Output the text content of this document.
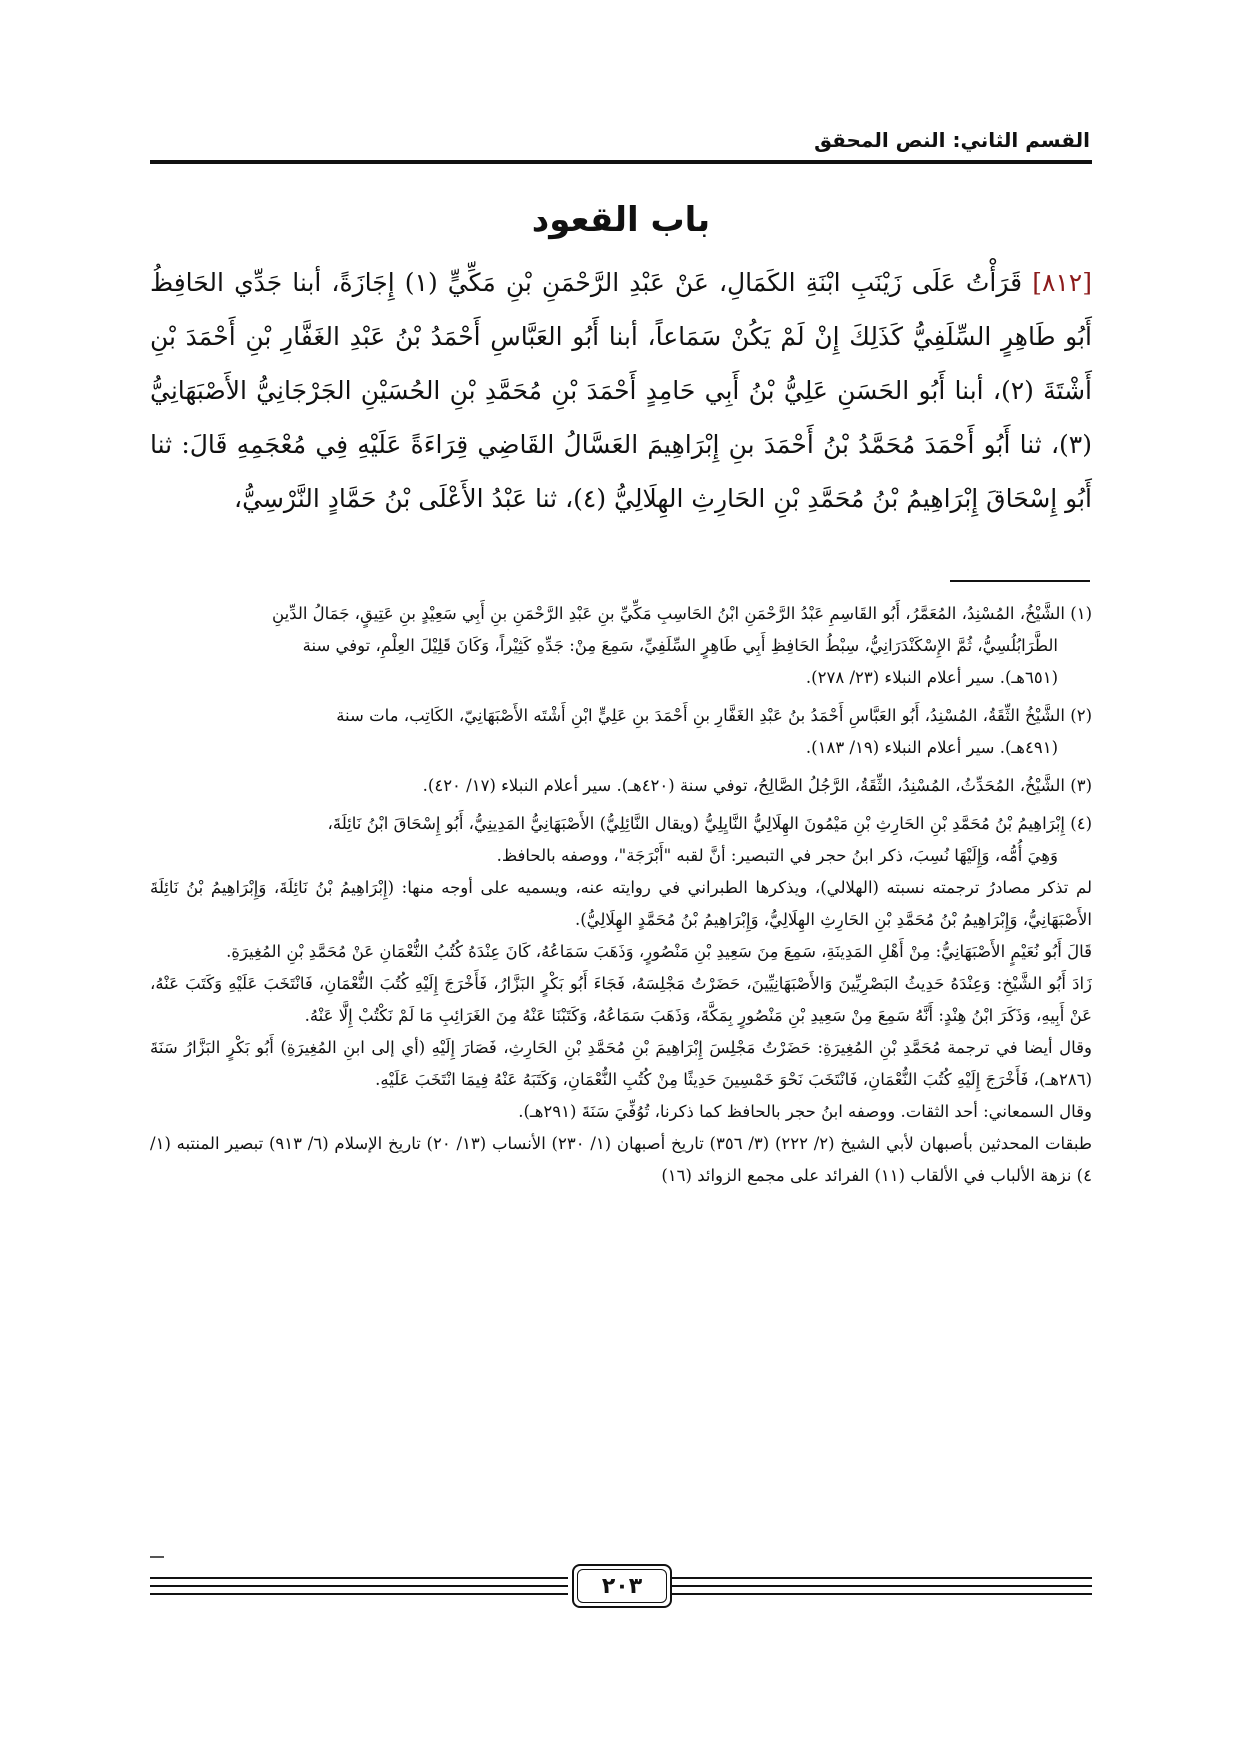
القسم الثاني: النص المحقق
باب القعود
[٨١٢] قَرَأْتُ عَلَى زَيْنَبِ ابْنَةِ الكَمَالِ، عَنْ عَبْدِ الرَّحْمَنِ بْنِ مَكِّيٍّ (١) إِجَازَةً، أبنا جَدِّي الحَافِظُ أَبُو طَاهِرٍ السِّلَفِيُّ كَذَلِكَ إِنْ لَمْ يَكُنْ سَمَاعاً، أبنا أَبُو العَبَّاسِ أَحْمَدُ بْنُ عَبْدِ الغَفَّارِ بْنِ أَحْمَدَ بْنِ أَشْتَةَ (٢)، أبنا أَبُو الحَسَنِ عَلِيُّ بْنُ أَبِي حَامِدٍ أَحْمَدَ بْنِ مُحَمَّدِ بْنِ الحُسَيْنِ الجَرْجَانِيُّ الأَصْبَهَانِيُّ (٣)، ثنا أَبُو أَحْمَدَ مُحَمَّدُ بْنُ أَحْمَدَ بنِ إِبْرَاهِيمَ العَسَّالُ القَاضِي قِرَاءَةً عَلَيْهِ فِي مُعْجَمِهِ قَالَ: ثنا أَبُو إِسْحَاقَ إِبْرَاهِيمُ بْنُ مُحَمَّدِ بْنِ الحَارِثِ الهِلَالِيُّ (٤)، ثنا عَبْدُ الأَعْلَى بْنُ حَمَّادٍ النَّرْسِيُّ،

(١) الشَّيْخُ، المُسْنِدُ، المُعَمَّرُ، أَبُو القَاسِمِ عَبْدُ الرَّحْمَنِ ابْنُ الحَاسِبِ مَكِّيِّ بنِ عَبْدِ الرَّحْمَنِ بنِ أَبِي سَعِيْدٍ بنِ عَتِيقٍ، جَمَالُ الدِّينِ

الطَّرَابُلُسِيُّ، ثُمَّ الإِسْكَنْدَرَانِيُّ، سِبْطُ الحَافِظِ أَبِي طَاهِرٍ السِّلَفِيِّ، سَمِعَ مِنْ: جَدِّهِ كَثِيْراً، وَكَانَ قَلِيْلَ العِلْمِ، توفي سنة

(٦٥١هـ). سير أعلام النبلاء (٢٣/ ٢٧٨).

(٢) الشَّيْخُ الثِّقَةُ، المُسْنِدُ، أَبُو العَبَّاسِ أَحْمَدُ بنُ عَبْدِ الغَفَّارِ بنِ أَحْمَدَ بنِ عَلِيٍّ ابْنِ أَشْتَه الأَصْبَهَانِيّ، الكَاتِب، مات سنة

(٤٩١هـ). سير أعلام النبلاء (١٩/ ١٨٣).

(٣) الشَّيْخُ، المُحَدِّثُ، المُسْنِدُ، الثِّقَةُ، الرَّجُلُ الصَّالِحُ، توفي سنة (٤٢٠هـ). سير أعلام النبلاء (١٧/ ٤٢٠).

(٤) إِبْرَاهِيمُ بْنُ مُحَمَّدِ بْنِ الحَارِثِ بْنِ مَيْمُونَ الهِلَالِيُّ النَّايِلِيُّ (ويقال النَّائِلِيُّ) الأَصْبَهَانِيُّ المَدِينِيُّ، أَبُو إِسْحَاقَ ابْنُ نَائِلَةَ،

وَهِيَ أُمُّه، وَإِلَيْهَا نُسِبَ، ذكر ابنُ حجر في التبصير: أنَّ لقبه "أَبْرَجَة"، ووصفه بالحافظ.

لم تذكر مصادرُ ترجمته نسبته (الهلالي)، ويذكرها الطبراني في روايته عنه، ويسميه على أوجه منها: (إِبْرَاهِيمُ بْنُ نَائِلَةَ، وَإِبْرَاهِيمُ بْنُ نَائِلَةَ الأَصْبَهَانِيُّ، وَإِبْرَاهِيمُ بْنُ مُحَمَّدِ بْنِ الحَارِثِ الهِلَالِيُّ، وَإِبْرَاهِيمُ بْنُ مُحَمَّدٍ الهِلَالِيُّ).

قَالَ أَبُو نُعَيْمٍ الأَصْبَهَانِيُّ: مِنْ أَهْلِ المَدِينَةِ، سَمِعَ مِنَ سَعِيدِ بْنِ مَنْصُورٍ، وَذَهَبَ سَمَاعُهُ، كَانَ عِنْدَهُ كُتُبُ النُّعْمَانِ عَنْ مُحَمَّدِ بْنِ المُغِيرَةِ.

زَادَ أَبُو الشَّيْخِ: وَعِنْدَهُ حَدِيثُ البَصْرِيِّينَ وَالأَصْبَهَانِيِّينَ، حَضَرْتُ مَجْلِسَهُ، فَجَاءَ أَبُو بَكْرٍ البَزَّارُ، فَأَخْرَجَ إِلَيْهِ كُتُبَ النُّعْمَانِ، فَانْتَخَبَ عَلَيْهِ وَكَتَبَ عَنْهُ، عَنْ أَبِيهِ، وَذَكَرَ ابْنُ هِنْدٍ: أَنَّهُ سَمِعَ مِنْ سَعِيدِ بْنِ مَنْصُورٍ بِمَكَّةَ، وَذَهَبَ سَمَاعُهُ، وَكَتَبْنَا عَنْهُ مِنَ الغَرَائِبِ مَا لَمْ نَكْتُبْ إِلَّا عَنْهُ.

وقال أيضا في ترجمة مُحَمَّدِ بْنِ المُغِيرَةِ: حَضَرْتُ مَجْلِسَ إِبْرَاهِيمَ بْنِ مُحَمَّدِ بْنِ الحَارِثِ، فَصَارَ إِلَيْهِ (أي إلى ابنِ المُغِيرَةِ) أَبُو بَكْرٍ البَزَّارُ سَنَةَ (٢٨٦هـ)، فَأَخْرَجَ إِلَيْهِ كُتُبَ النُّعْمَانِ، فَانْتَخَبَ نَحْوَ خَمْسِينَ حَدِيثًا مِنْ كُتُبِ النُّعْمَانِ، وَكَتَبَهُ عَنْهُ فِيمَا انْتَخَبَ عَلَيْهِ.

وقال السمعاني: أحد الثقات. ووصفه ابنُ حجر بالحافظ كما ذكرنا، تُوُفِّيَ سَنَةَ (٢٩١هـ).

طبقات المحدثين بأصبهان لأبي الشيخ (٢/ ٢٢٢) (٣/ ٣٥٦) تاريخ أصبهان (١/ ٢٣٠) الأنساب (١٣/ ٢٠) تاريخ الإسلام (٦/ ٩١٣) تبصير المنتبه (١/ ٤) نزهة الألباب في الألقاب (١١) الفرائد على مجمع الزوائد (١٦)

٢٠٣
